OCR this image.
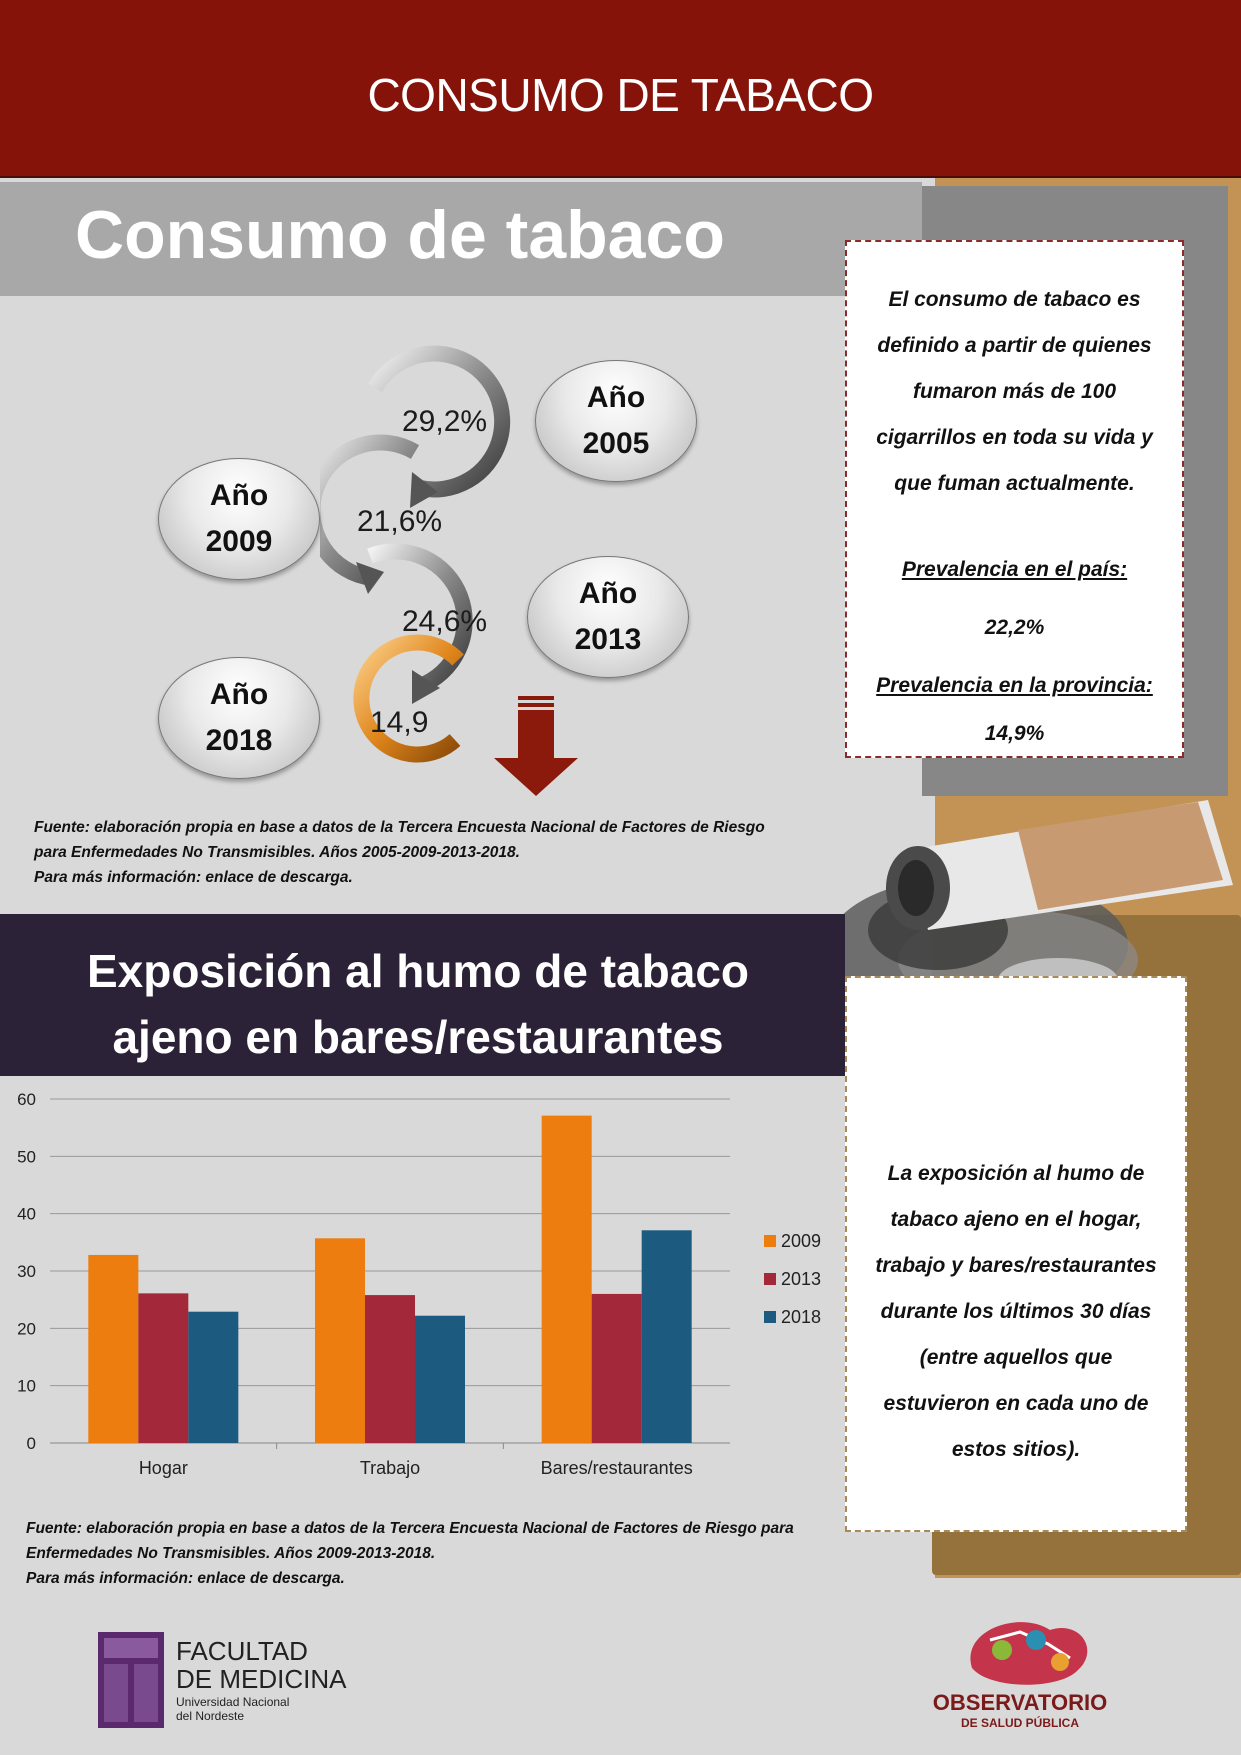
CONSUMO DE TABACO
Consumo de tabaco
29,2%
21,6%
24,6%
14,9
Año
2005
Año
2009
Año
2013
Año
2018
El consumo de tabaco es
definido a partir de quienes
fumaron más de 100
cigarrillos en toda su vida y
que fuman actualmente.
Prevalencia en el país:
22,2%
Prevalencia en la provincia:
14,9%
Fuente: elaboración propia en base a datos de la Tercera Encuesta Nacional de Factores de Riesgo
para Enfermedades No Transmisibles. Años 2005-2009-2013-2018.
Para más información: enlace de descarga.
Exposición al humo de tabaco
ajeno en bares/restaurantes
0
10
20
30
40
50
60
Hogar	Trabajo	Bares/restaurantes
2009
2013
2018
La exposición al humo de
tabaco ajeno en el hogar,
trabajo y bares/restaurantes
durante los últimos 30 días
(entre aquellos que
estuvieron en cada uno de
estos sitios).
Fuente: elaboración propia en base a datos de la Tercera Encuesta Nacional de Factores de Riesgo para
Enfermedades No Transmisibles. Años 2009-2013-2018.
Para más información: enlace de descarga.
FACULTAD
DE MEDICINA
Universidad Nacional
del Nordeste
OBSERVATORIO
DE SALUD PÚBLICA
